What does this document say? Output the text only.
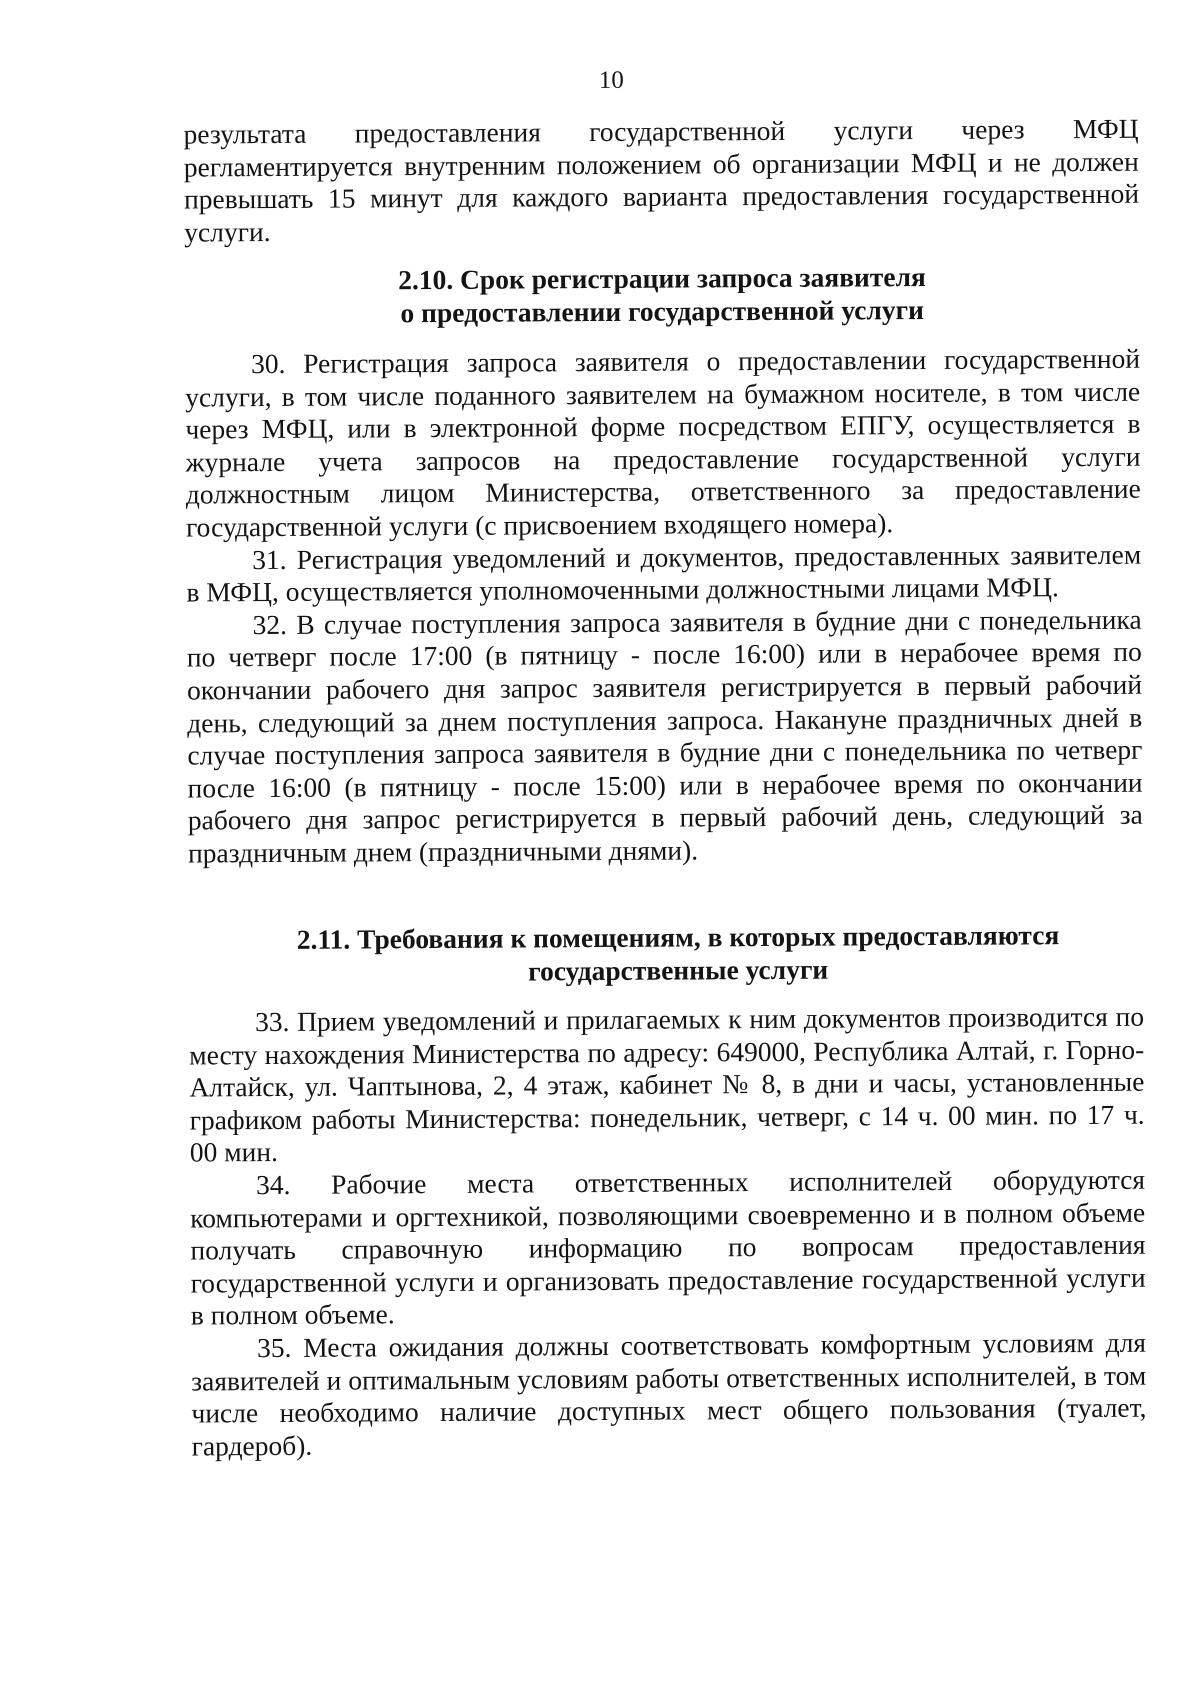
10

результата предоставления государственной услуги через МФЦ регламентируется внутренним положением об организации МФЦ и не должен превышать 15 минут для каждого варианта предоставления государственной услуги.

2.10. Срок регистрации запроса заявителя
о предоставлении государственной услуги

30. Регистрация запроса заявителя о предоставлении государственной услуги, в том числе поданного заявителем на бумажном носителе, в том числе через МФЦ, или в электронной форме посредством ЕПГУ, осуществляется в журнале учета запросов на предоставление государственной услуги должностным лицом Министерства, ответственного за предоставление государственной услуги (с присвоением входящего номера).

31. Регистрация уведомлений и документов, предоставленных заявителем в МФЦ, осуществляется уполномоченными должностными лицами МФЦ.

32. В случае поступления запроса заявителя в будние дни с понедельника по четверг после 17:00 (в пятницу - после 16:00) или в нерабочее время по окончании рабочего дня запрос заявителя регистрируется в первый рабочий день, следующий за днем поступления запроса. Накануне праздничных дней в случае поступления запроса заявителя в будние дни с понедельника по четверг после 16:00 (в пятницу - после 15:00) или в нерабочее время по окончании рабочего дня запрос регистрируется в первый рабочий день, следующий за праздничным днем (праздничными днями).

2.11. Требования к помещениям, в которых предоставляются
государственные услуги

33. Прием уведомлений и прилагаемых к ним документов производится по месту нахождения Министерства по адресу: 649000, Республика Алтай, г. Горно-Алтайск, ул. Чаптынова, 2, 4 этаж, кабинет № 8, в дни и часы, установленные графиком работы Министерства: понедельник, четверг, с 14 ч. 00 мин. по 17 ч. 00 мин.

34. Рабочие места ответственных исполнителей оборудуются компьютерами и оргтехникой, позволяющими своевременно и в полном объеме получать справочную информацию по вопросам предоставления государственной услуги и организовать предоставление государственной услуги в полном объеме.

35. Места ожидания должны соответствовать комфортным условиям для заявителей и оптимальным условиям работы ответственных исполнителей, в том числе необходимо наличие доступных мест общего пользования (туалет, гардероб).
